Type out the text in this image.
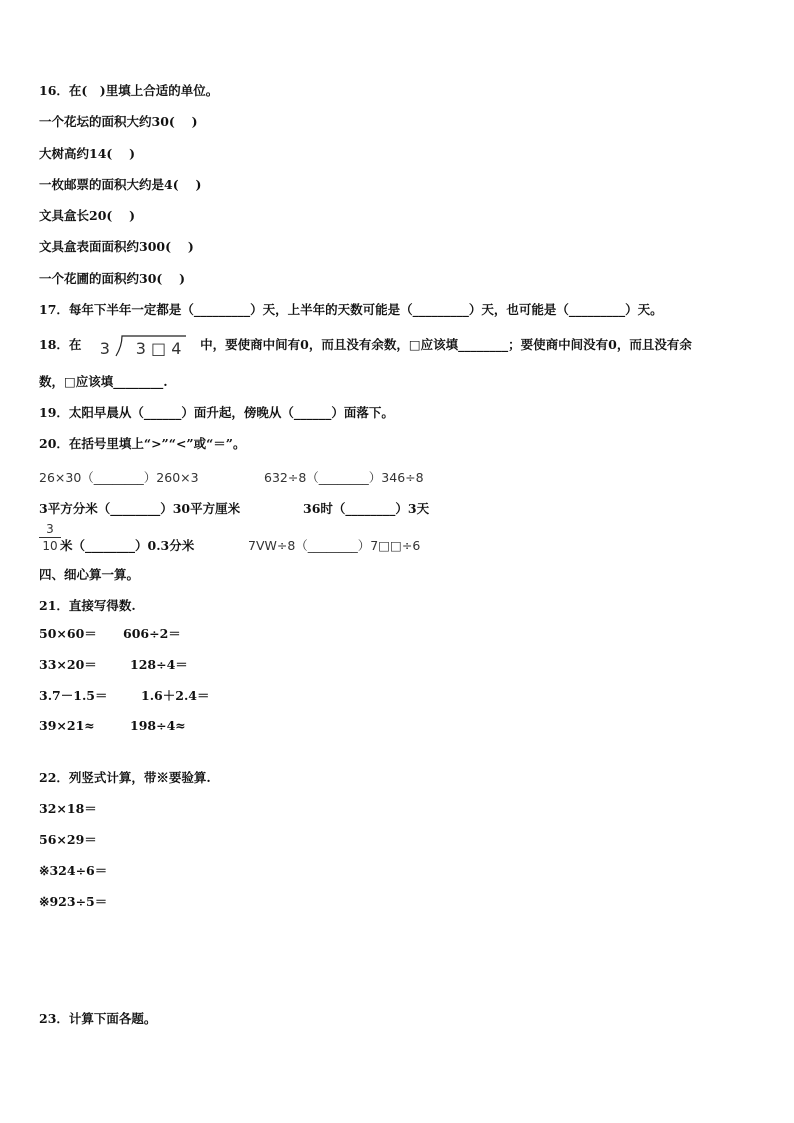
16．在(　)里填上合适的单位。
一个花坛的面积大约30(　 )
大树高约14(　 )
一枚邮票的面积大约是4(　 )
文具盒长20(　 )
文具盒表面面积约300(　 )
一个花圃的面积约30(　 )
17．每年下半年一定都是（_________）天，上半年的天数可能是（_________）天，也可能是（_________）天。
18．在 3 3 □ 4 中，要使商中间有0，而且没有余数，□应该填________；要使商中间没有0，而且没有余
数，□应该填________.
19．太阳早晨从（______）面升起，傍晚从（______）面落下。
20．在括号里填上“>”“<”或“＝”。
26×30（________）260×3	632÷8（________）346÷8
3平方分米（________）30平方厘米	36时（________）3天
3
10 米（________）0.3分米	7VW÷8（________）7□□÷6
四、细心算一算。
21．直接写得数.
50×60＝ 606÷2＝
33×20＝	128÷4＝
3.7－1.5＝	1.6＋2.4＝
39×21≈	198÷4≈
22．列竖式计算，带※要验算.
32×18＝
56×29＝
※324÷6＝
※923÷5＝
23．计算下面各题。
